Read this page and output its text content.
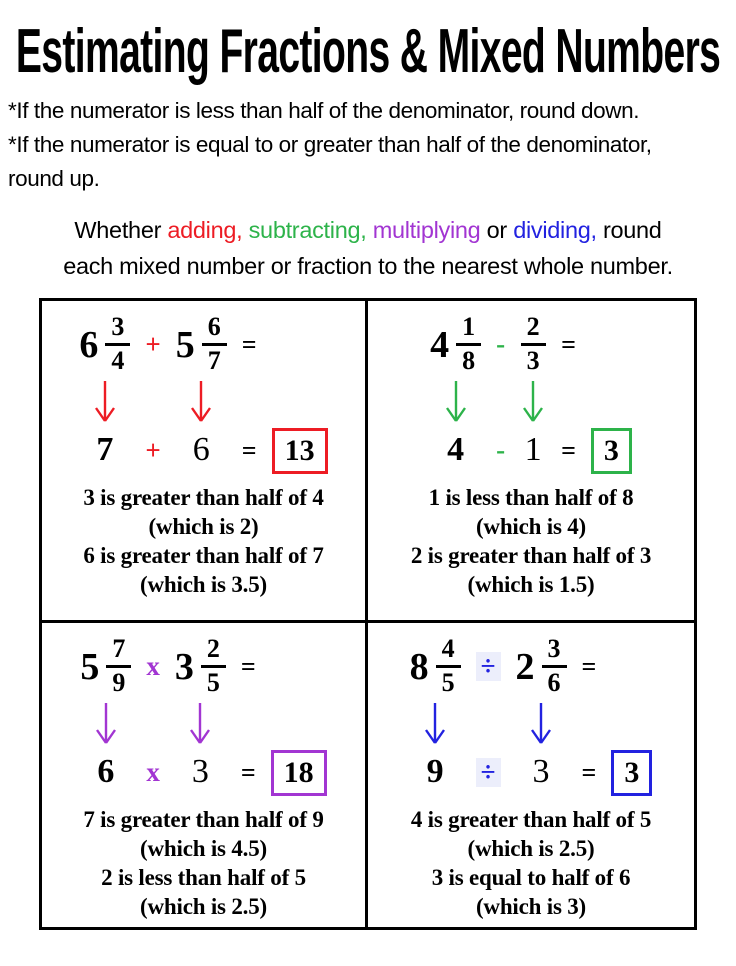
Estimating Fractions & Mixed Numbers
*If the numerator is less than half of the denominator, round down.
*If the numerator is equal to or greater than half of the denominator,
round up.
Whether adding, subtracting, multiplying or dividing, round
each mixed number or fraction to the nearest whole number.
$6 \frac{3}{4} + 5 \frac{6}{7}$ =
7 + 6 = 13
3 is greater than half of 4
(which is 2)
6 is greater than half of 7
(which is 3.5)
$4 \frac{1}{8} - \frac{2}{3}$ =
4 - 1 = 3
1 is less than half of 8
(which is 4)
2 is greater than half of 3
(which is 1.5)
$5 \frac{7}{9}$ x $3 \frac{2}{5}$ =
6 x 3 = 18
7 is greater than half of 9
(which is 4.5)
2 is less than half of 5
(which is 2.5)
$8 \frac{4}{5} \div 2 \frac{3}{6}$ =
9 ÷ 3 = 3
4 is greater than half of 5
(which is 2.5)
3 is equal to half of 6
(which is 3)
